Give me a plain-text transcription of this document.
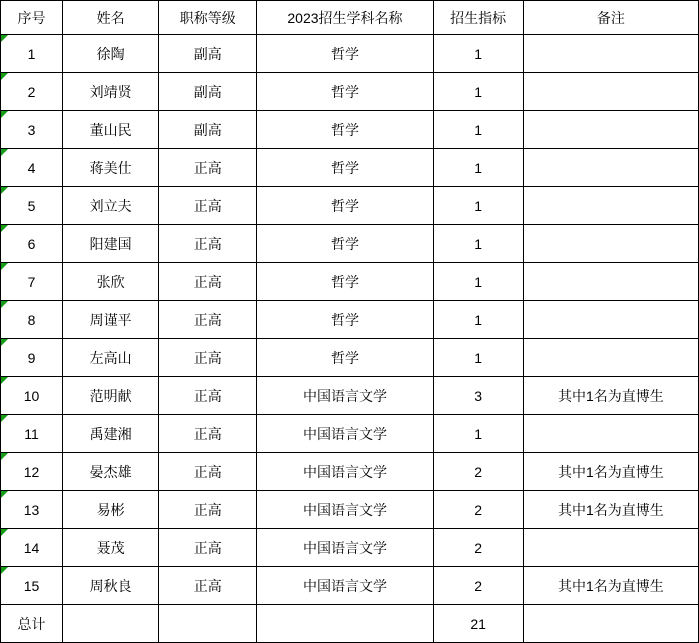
序号	姓名	职称等级	2023招生学科名称	招生指标	备注
1	徐陶	副高	哲学	1	
2	刘靖贤	副高	哲学	1	
3	董山民	副高	哲学	1	
4	蒋美仕	正高	哲学	1	
5	刘立夫	正高	哲学	1	
6	阳建国	正高	哲学	1	
7	张欣	正高	哲学	1	
8	周谨平	正高	哲学	1	
9	左高山	正高	哲学	1	
10	范明献	正高	中国语言文学	3	其中1名为直博生
11	禹建湘	正高	中国语言文学	1	
12	晏杰雄	正高	中国语言文学	2	其中1名为直博生
13	易彬	正高	中国语言文学	2	其中1名为直博生
14	聂茂	正高	中国语言文学	2	
15	周秋良	正高	中国语言文学	2	其中1名为直博生
总计				21	
